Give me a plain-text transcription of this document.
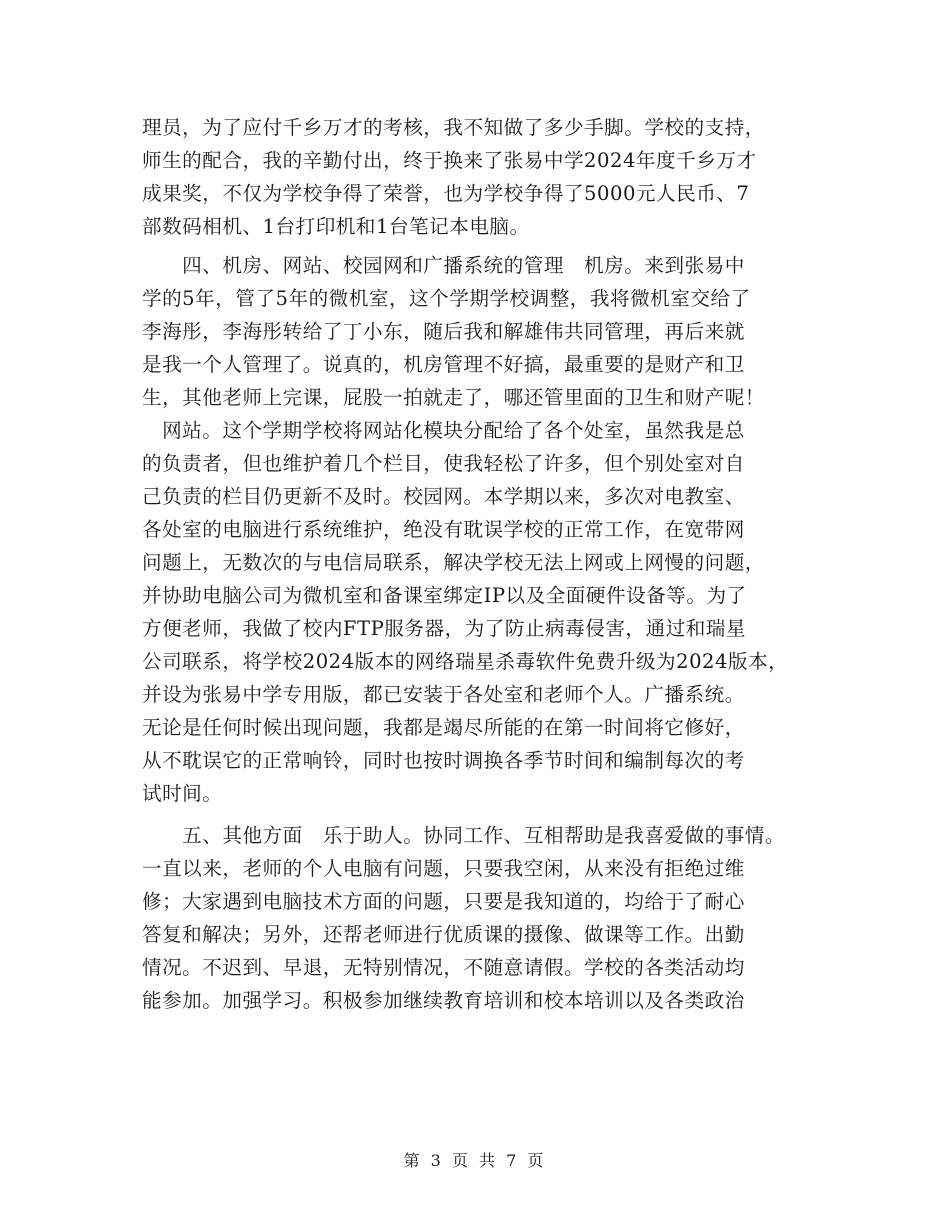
理员，为了应付千乡万才的考核，我不知做了多少手脚。学校的支持，
师生的配合，我的辛勤付出，终于换来了张易中学2024年度千乡万才
成果奖，不仅为学校争得了荣誉，也为学校争得了5000元人民币、7
部数码相机、1台打印机和1台笔记本电脑。
　　四、机房、网站、校园网和广播系统的管理　机房。来到张易中
学的5年，管了5年的微机室，这个学期学校调整，我将微机室交给了
李海彤，李海彤转给了丁小东，随后我和解雄伟共同管理，再后来就
是我一个人管理了。说真的，机房管理不好搞，最重要的是财产和卫
生，其他老师上完课，屁股一拍就走了，哪还管里面的卫生和财产呢！
　网站。这个学期学校将网站化模块分配给了各个处室，虽然我是总
的负责者，但也维护着几个栏目，使我轻松了许多，但个别处室对自
己负责的栏目仍更新不及时。校园网。本学期以来，多次对电教室、
各处室的电脑进行系统维护，绝没有耽误学校的正常工作，在宽带网
问题上，无数次的与电信局联系，解决学校无法上网或上网慢的问题，
并协助电脑公司为微机室和备课室绑定IP以及全面硬件设备等。为了
方便老师，我做了校内FTP服务器，为了防止病毒侵害，通过和瑞星
公司联系，将学校2024版本的网络瑞星杀毒软件免费升级为2024版本，
并设为张易中学专用版，都已安装于各处室和老师个人。广播系统。
无论是任何时候出现问题，我都是竭尽所能的在第一时间将它修好，
从不耽误它的正常响铃，同时也按时调换各季节时间和编制每次的考
试时间。
　　五、其他方面　乐于助人。协同工作、互相帮助是我喜爱做的事情。
一直以来，老师的个人电脑有问题，只要我空闲，从来没有拒绝过维
修；大家遇到电脑技术方面的问题，只要是我知道的，均给于了耐心
答复和解决；另外，还帮老师进行优质课的摄像、做课等工作。出勤
情况。不迟到、早退，无特别情况，不随意请假。学校的各类活动均
能参加。加强学习。积极参加继续教育培训和校本培训以及各类政治
第 3 页 共 7 页
